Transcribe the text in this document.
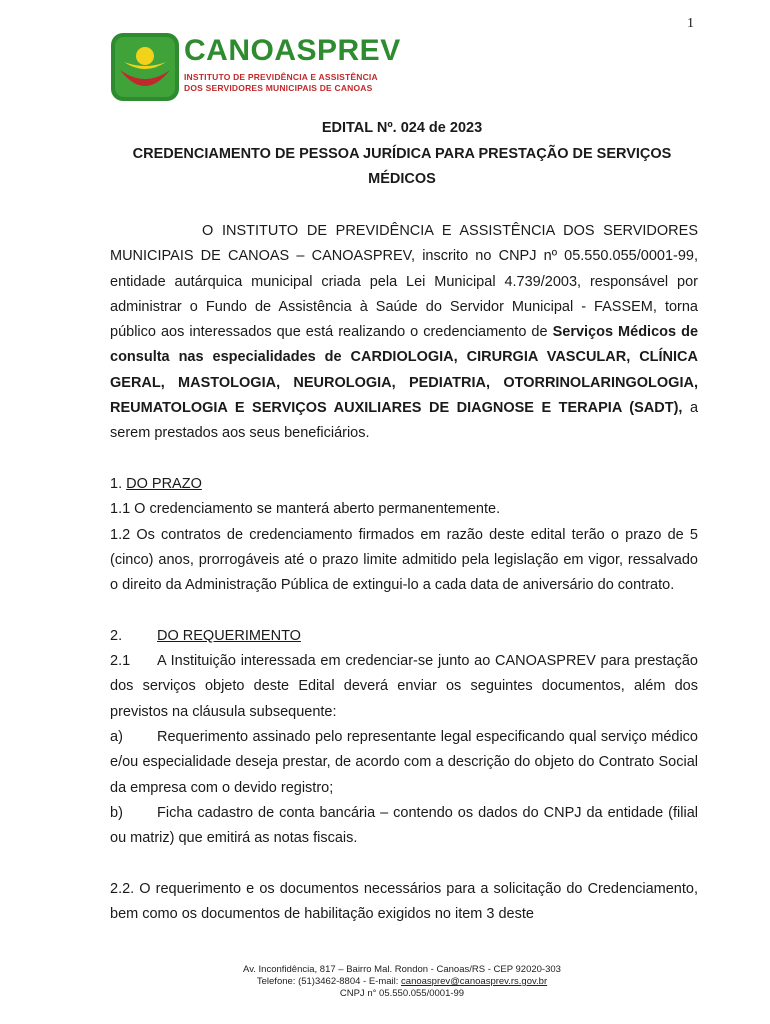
1
CANOASPREV
INSTITUTO DE PREVIDÊNCIA E ASSISTÊNCIA
DOS SERVIDORES MUNICIPAIS DE CANOAS
EDITAL Nº. 024 de 2023
CREDENCIAMENTO DE PESSOA JURÍDICA PARA PRESTAÇÃO DE SERVIÇOS
MÉDICOS

O INSTITUTO DE PREVIDÊNCIA E ASSISTÊNCIA DOS SERVIDORES MUNICIPAIS DE CANOAS – CANOASPREV, inscrito no CNPJ nº 05.550.055/0001-99, entidade autárquica municipal criada pela Lei Municipal 4.739/2003, responsável por administrar o Fundo de Assistência à Saúde do Servidor Municipal - FASSEM, torna público aos interessados que está realizando o credenciamento de Serviços Médicos de consulta nas especialidades de CARDIOLOGIA, CIRURGIA VASCULAR, CLÍNICA GERAL, MASTOLOGIA, NEUROLOGIA, PEDIATRIA, OTORRINOLARINGOLOGIA, REUMATOLOGIA E SERVIÇOS AUXILIARES DE DIAGNOSE E TERAPIA (SADT), a serem prestados aos seus beneficiários.

1. DO PRAZO

1.1 O credenciamento se manterá aberto permanentemente.

1.2 Os contratos de credenciamento firmados em razão deste edital terão o prazo de 5 (cinco) anos, prorrogáveis até o prazo limite admitido pela legislação em vigor, ressalvado o direito da Administração Pública de extingui-lo a cada data de aniversário do contrato.

2. DO REQUERIMENTO

2.1 A Instituição interessada em credenciar-se junto ao CANOASPREV para prestação dos serviços objeto deste Edital deverá enviar os seguintes documentos, além dos previstos na cláusula subsequente:

a) Requerimento assinado pelo representante legal especificando qual serviço médico e/ou especialidade deseja prestar, de acordo com a descrição do objeto do Contrato Social da empresa com o devido registro;

b) Ficha cadastro de conta bancária – contendo os dados do CNPJ da entidade (filial ou matriz) que emitirá as notas fiscais.

2.2. O requerimento e os documentos necessários para a solicitação do Credenciamento, bem como os documentos de habilitação exigidos no item 3 deste

Av. Inconfidência, 817 – Bairro Mal. Rondon - Canoas/RS - CEP 92020-303
Telefone: (51)3462-8804 - E-mail: canoasprev@canoasprev.rs.gov.br
CNPJ n° 05.550.055/0001-99
